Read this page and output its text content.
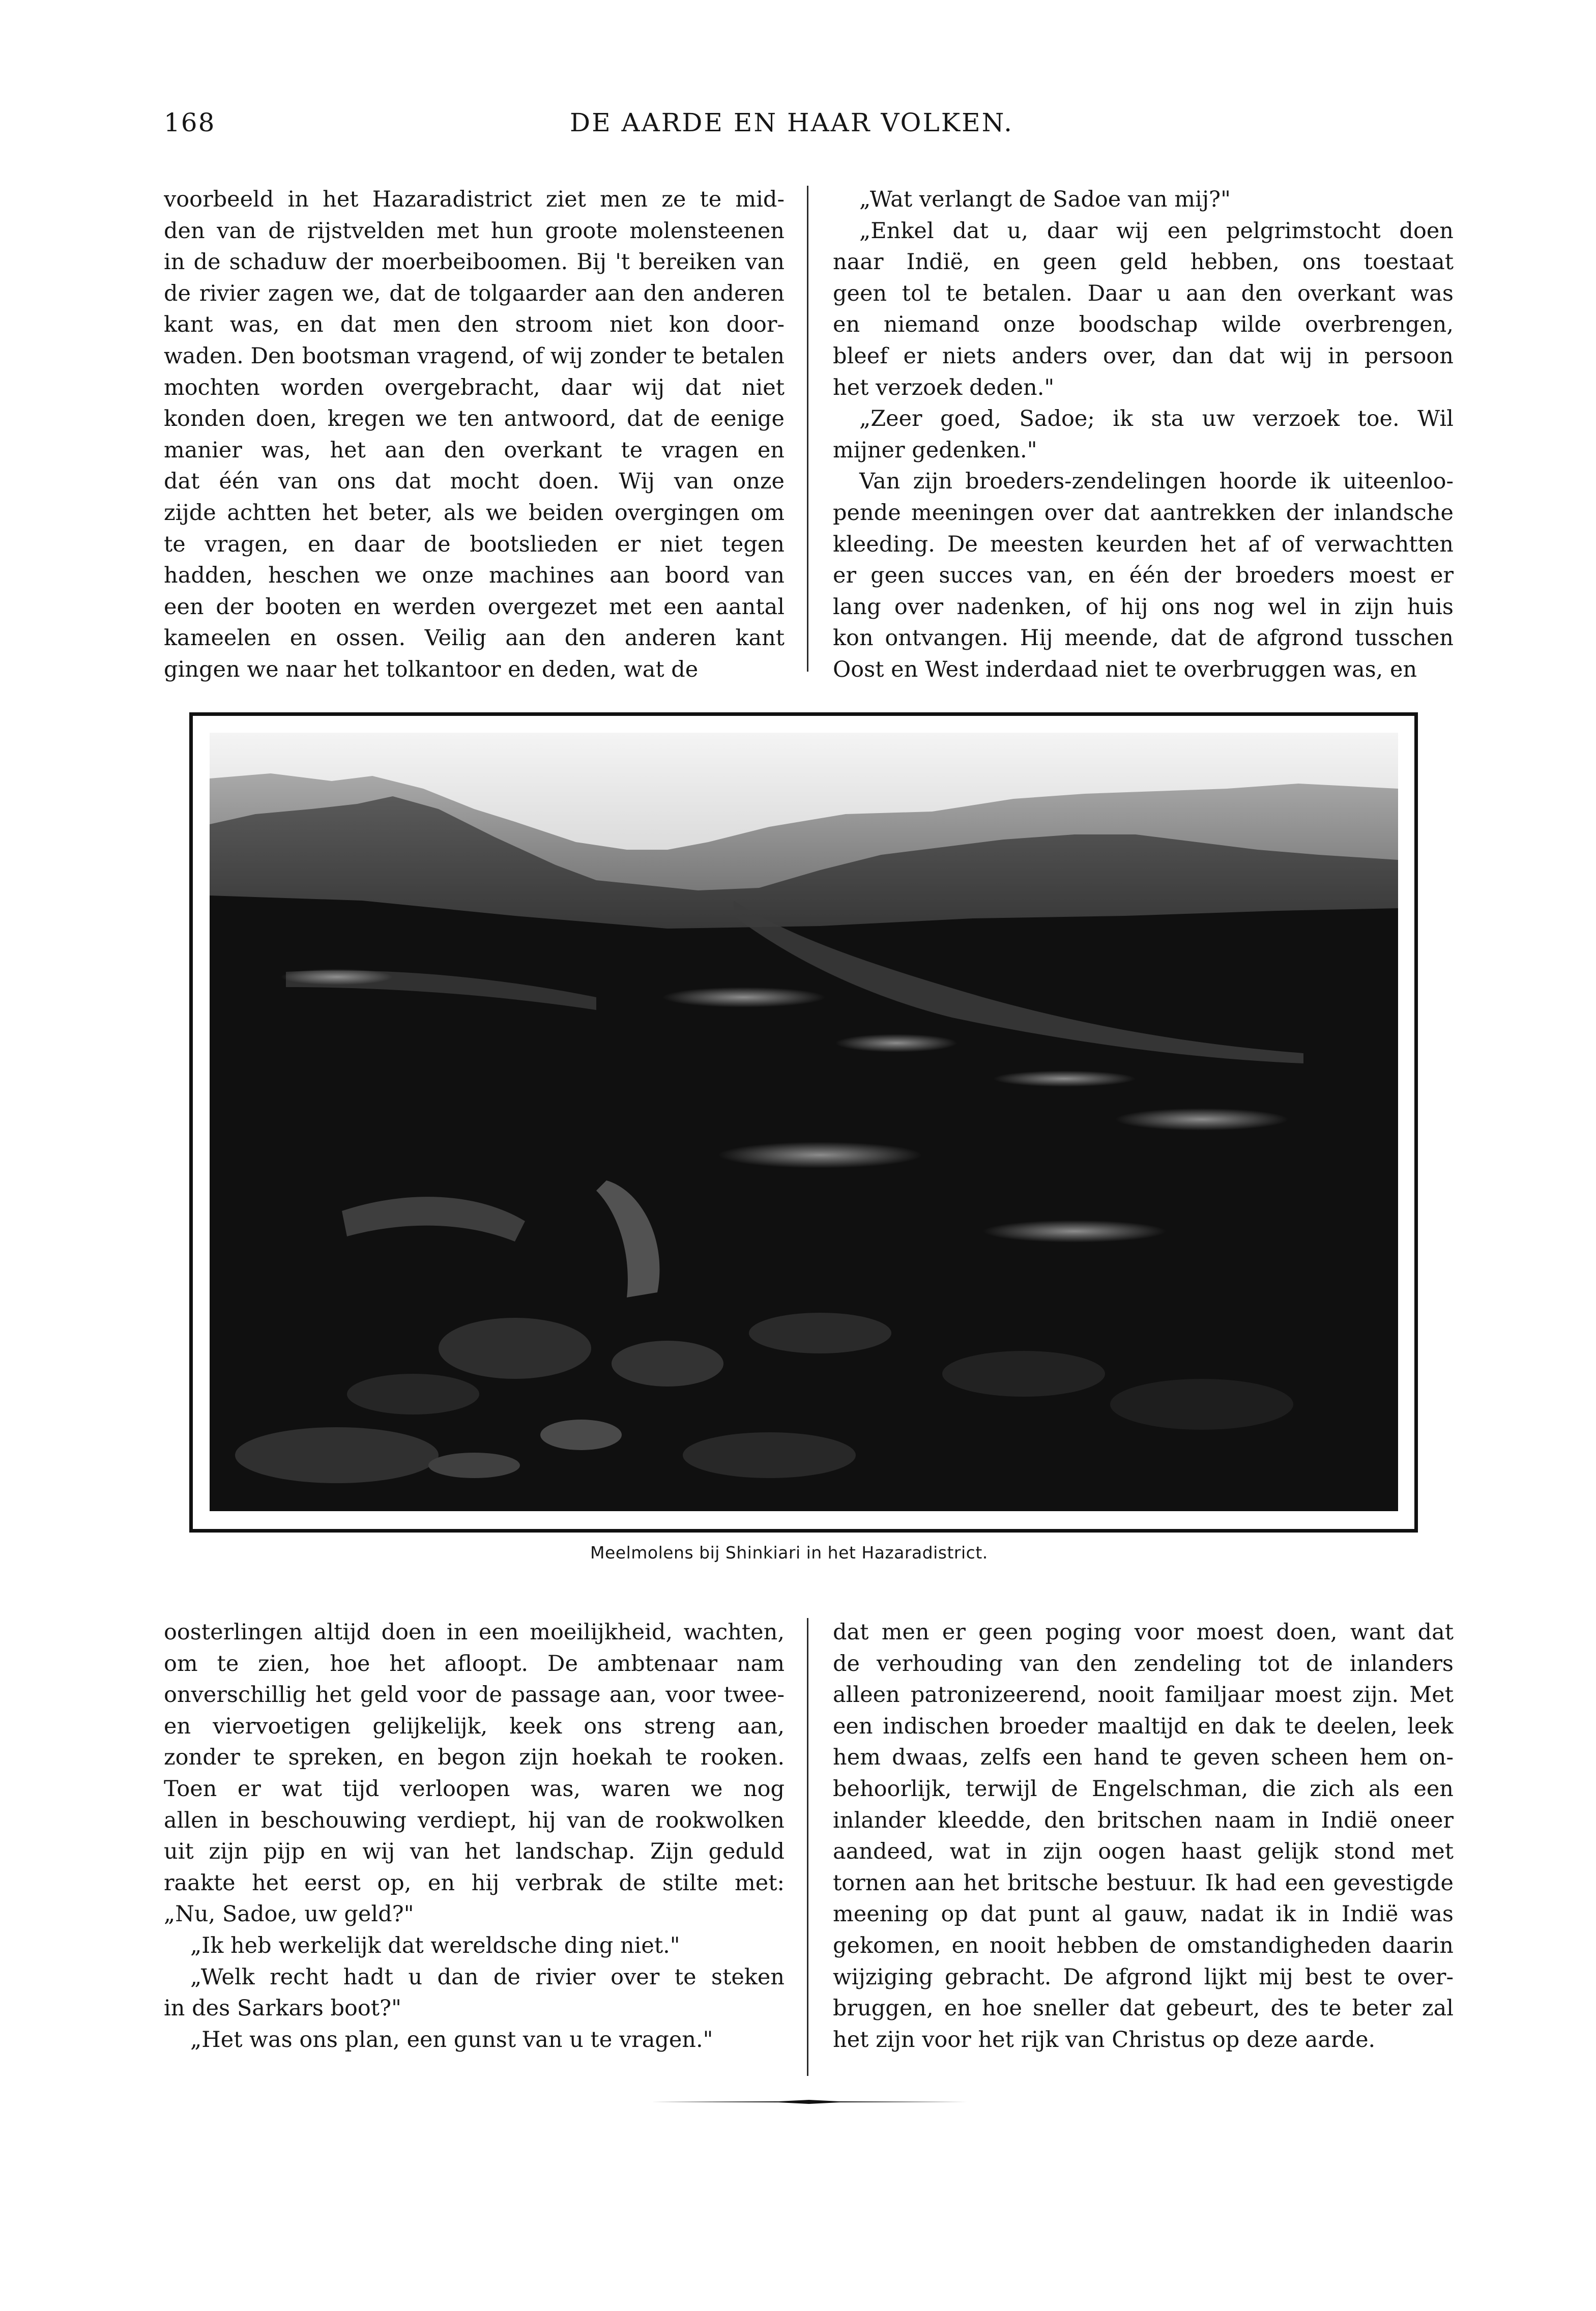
168	DE AARDE EN HAAR VOLKEN.

voorbeeld in het Hazaradistrict ziet men ze te mid-
den van de rijstvelden met hun groote molensteenen
in de schaduw der moerbeiboomen. Bij 't bereiken van
de rivier zagen we, dat de tolgaarder aan den anderen
kant was, en dat men den stroom niet kon door-
waden. Den bootsman vragend, of wij zonder te betalen
mochten worden overgebracht, daar wij dat niet
konden doen, kregen we ten antwoord, dat de eenige
manier was, het aan den overkant te vragen en
dat één van ons dat mocht doen. Wij van onze
zijde achtten het beter, als we beiden overgingen om
te vragen, en daar de bootslieden er niet tegen
hadden, heschen we onze machines aan boord van
een der booten en werden overgezet met een aantal
kameelen en ossen. Veilig aan den anderen kant
gingen we naar het tolkantoor en deden, wat de

„Wat verlangt de Sadoe van mij?"

„Enkel dat u, daar wij een pelgrimstocht doen
naar Indië, en geen geld hebben, ons toestaat
geen tol te betalen. Daar u aan den overkant was
en niemand onze boodschap wilde overbrengen,
bleef er niets anders over, dan dat wij in persoon
het verzoek deden."

„Zeer goed, Sadoe; ik sta uw verzoek toe. Wil
mijner gedenken."

Van zijn broeders-zendelingen hoorde ik uiteenloo-
pende meeningen over dat aantrekken der inlandsche
kleeding. De meesten keurden het af of verwachtten
er geen succes van, en één der broeders moest er
lang over nadenken, of hij ons nog wel in zijn huis
kon ontvangen. Hij meende, dat de afgrond tusschen
Oost en West inderdaad niet te overbruggen was, en

Meelmolens bij Shinkiari in het Hazaradistrict.

oosterlingen altijd doen in een moeilijkheid, wachten,
om te zien, hoe het afloopt. De ambtenaar nam
onverschillig het geld voor de passage aan, voor twee-
en viervoetigen gelijkelijk, keek ons streng aan,
zonder te spreken, en begon zijn hoekah te rooken.
Toen er wat tijd verloopen was, waren we nog
allen in beschouwing verdiept, hij van de rookwolken
uit zijn pijp en wij van het landschap. Zijn geduld
raakte het eerst op, en hij verbrak de stilte met:
„Nu, Sadoe, uw geld?"

„Ik heb werkelijk dat wereldsche ding niet."

„Welk recht hadt u dan de rivier over te steken
in des Sarkars boot?"

„Het was ons plan, een gunst van u te vragen."

dat men er geen poging voor moest doen, want dat
de verhouding van den zendeling tot de inlanders
alleen patronizeerend, nooit familjaar moest zijn. Met
een indischen broeder maaltijd en dak te deelen, leek
hem dwaas, zelfs een hand te geven scheen hem on-
behoorlijk, terwijl de Engelschman, die zich als een
inlander kleedde, den britschen naam in Indië oneer
aandeed, wat in zijn oogen haast gelijk stond met
tornen aan het britsche bestuur. Ik had een gevestigde
meening op dat punt al gauw, nadat ik in Indië was
gekomen, en nooit hebben de omstandigheden daarin
wijziging gebracht. De afgrond lijkt mij best te over-
bruggen, en hoe sneller dat gebeurt, des te beter zal
het zijn voor het rijk van Christus op deze aarde.
